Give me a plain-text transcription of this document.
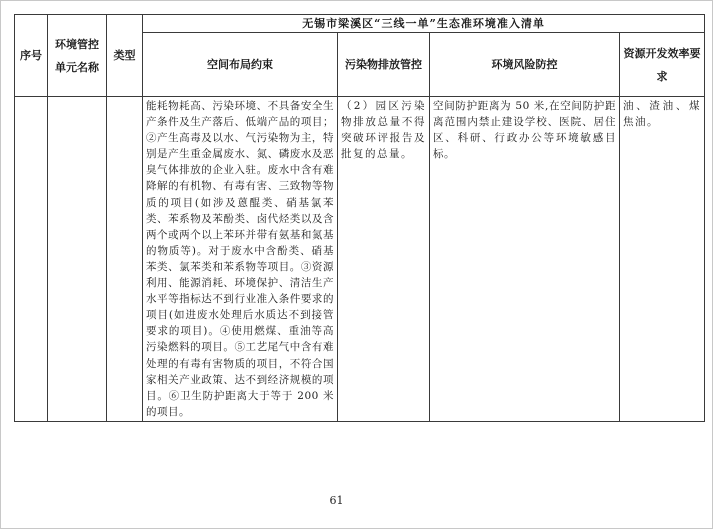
序号	环境管控单元名称	类型	无锡市梁溪区“三线一单”生态准环境准入清单			
			空间布局约束	污染物排放管控	环境风险防控	资源开发效率要求
			能耗物耗高、污染环境、不具备安全生产条件及生产落后、低端产品的项目；②产生高毒及以水、气污染物为主，特别是产生重金属废水、氮、磷废水及恶臭气体排放的企业入驻。废水中含有难降解的有机物、有毒有害、三致物等物质的项目(如涉及蒽醌类、硝基氯苯类、苯系物及苯酚类、卤代烃类以及含两个或两个以上苯环并带有氨基和氮基的物质等)。对于废水中含酚类、硝基苯类、氯苯类和苯系物等项目。③资源利用、能源消耗、环境保护、清洁生产水平等指标达不到行业准入条件要求的项目(如进废水处理后水质达不到接管要求的项目)。④使用燃煤、重油等高污染燃料的项目。⑤工艺尾气中含有难处理的有毒有害物质的项目，不符合国家相关产业政策、达不到经济规模的项目。⑥卫生防护距离大于等于 200 米的项目。	（2）园区污染物排放总量不得突破环评报告及批复的总量。	空间防护距离为 50 米,在空间防护距离范围内禁止建设学校、医院、居住区、科研、行政办公等环境敏感目标。	油、渣油、煤焦油。
61
